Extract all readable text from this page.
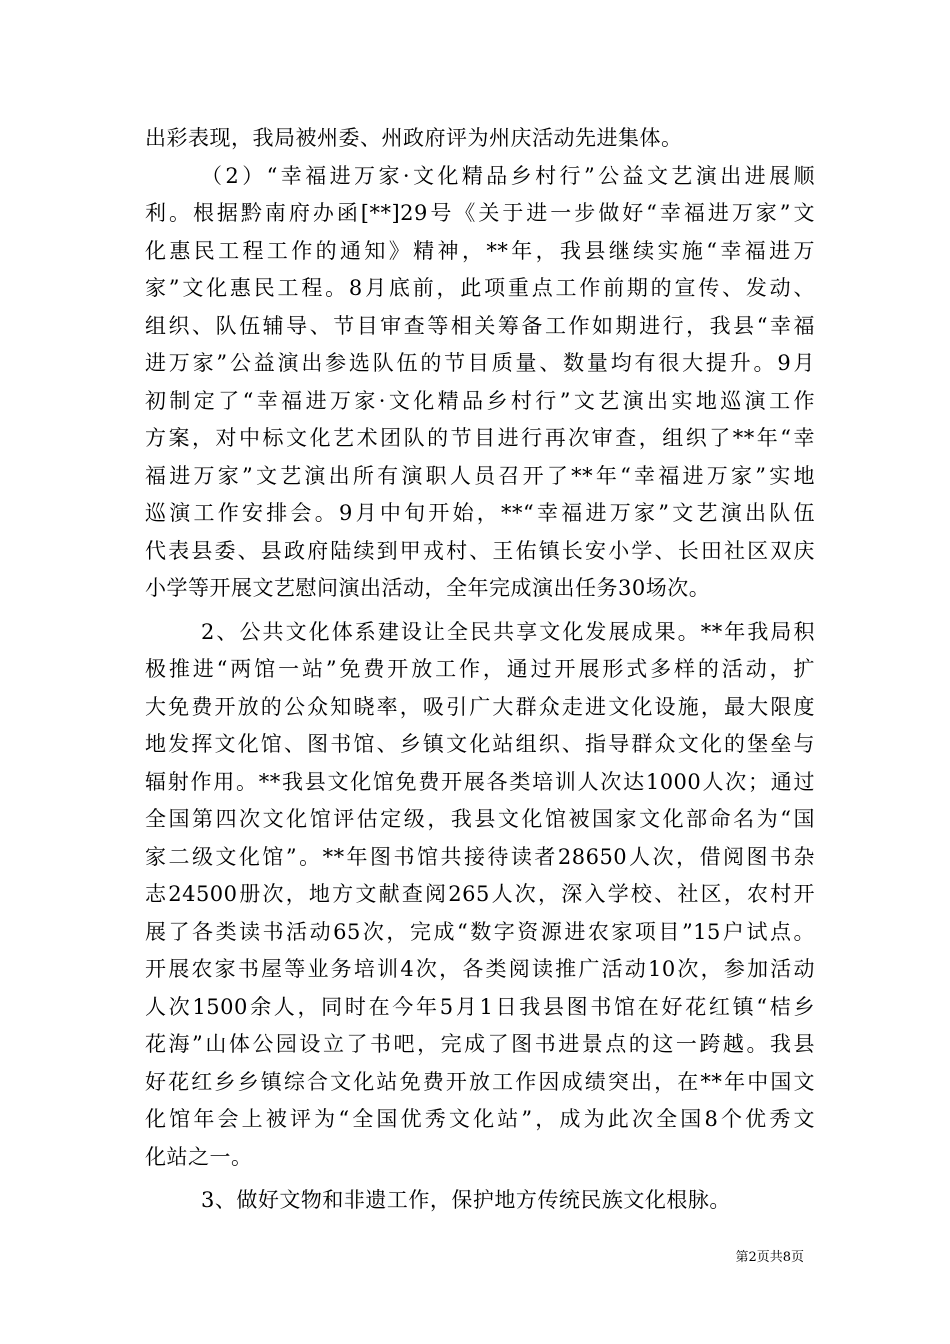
出彩表现，我局被州委、州政府评为州庆活动先进集体。
（2）“幸福进万家·文化精品乡村行”公益文艺演出进展顺
利。根据黔南府办函[**]29号《关于进一步做好“幸福进万家”文
化惠民工程工作的通知》精神，**年，我县继续实施“幸福进万
家”文化惠民工程。8月底前，此项重点工作前期的宣传、发动、
组织、队伍辅导、节目审查等相关筹备工作如期进行，我县“幸福
进万家”公益演出参选队伍的节目质量、数量均有很大提升。9月
初制定了“幸福进万家·文化精品乡村行”文艺演出实地巡演工作
方案，对中标文化艺术团队的节目进行再次审查，组织了**年“幸
福进万家”文艺演出所有演职人员召开了**年“幸福进万家”实地
巡演工作安排会。9月中旬开始，**“幸福进万家”文艺演出队伍
代表县委、县政府陆续到甲戎村、王佑镇长安小学、长田社区双庆
小学等开展文艺慰问演出活动，全年完成演出任务30场次。
2、公共文化体系建设让全民共享文化发展成果。**年我局积
极推进“两馆一站”免费开放工作，通过开展形式多样的活动，扩
大免费开放的公众知晓率，吸引广大群众走进文化设施，最大限度
地发挥文化馆、图书馆、乡镇文化站组织、指导群众文化的堡垒与
辐射作用。**我县文化馆免费开展各类培训人次达1000人次；通过
全国第四次文化馆评估定级，我县文化馆被国家文化部命名为“国
家二级文化馆”。**年图书馆共接待读者28650人次，借阅图书杂
志24500册次，地方文献查阅265人次，深入学校、社区，农村开
展了各类读书活动65次，完成“数字资源进农家项目”15户试点。
开展农家书屋等业务培训4次，各类阅读推广活动10次，参加活动
人次1500余人，同时在今年5月1日我县图书馆在好花红镇“桔乡
花海”山体公园设立了书吧，完成了图书进景点的这一跨越。我县
好花红乡乡镇综合文化站免费开放工作因成绩突出，在**年中国文
化馆年会上被评为“全国优秀文化站”，成为此次全国8个优秀文
化站之一。
3、做好文物和非遗工作，保护地方传统民族文化根脉。
第2页共8页
